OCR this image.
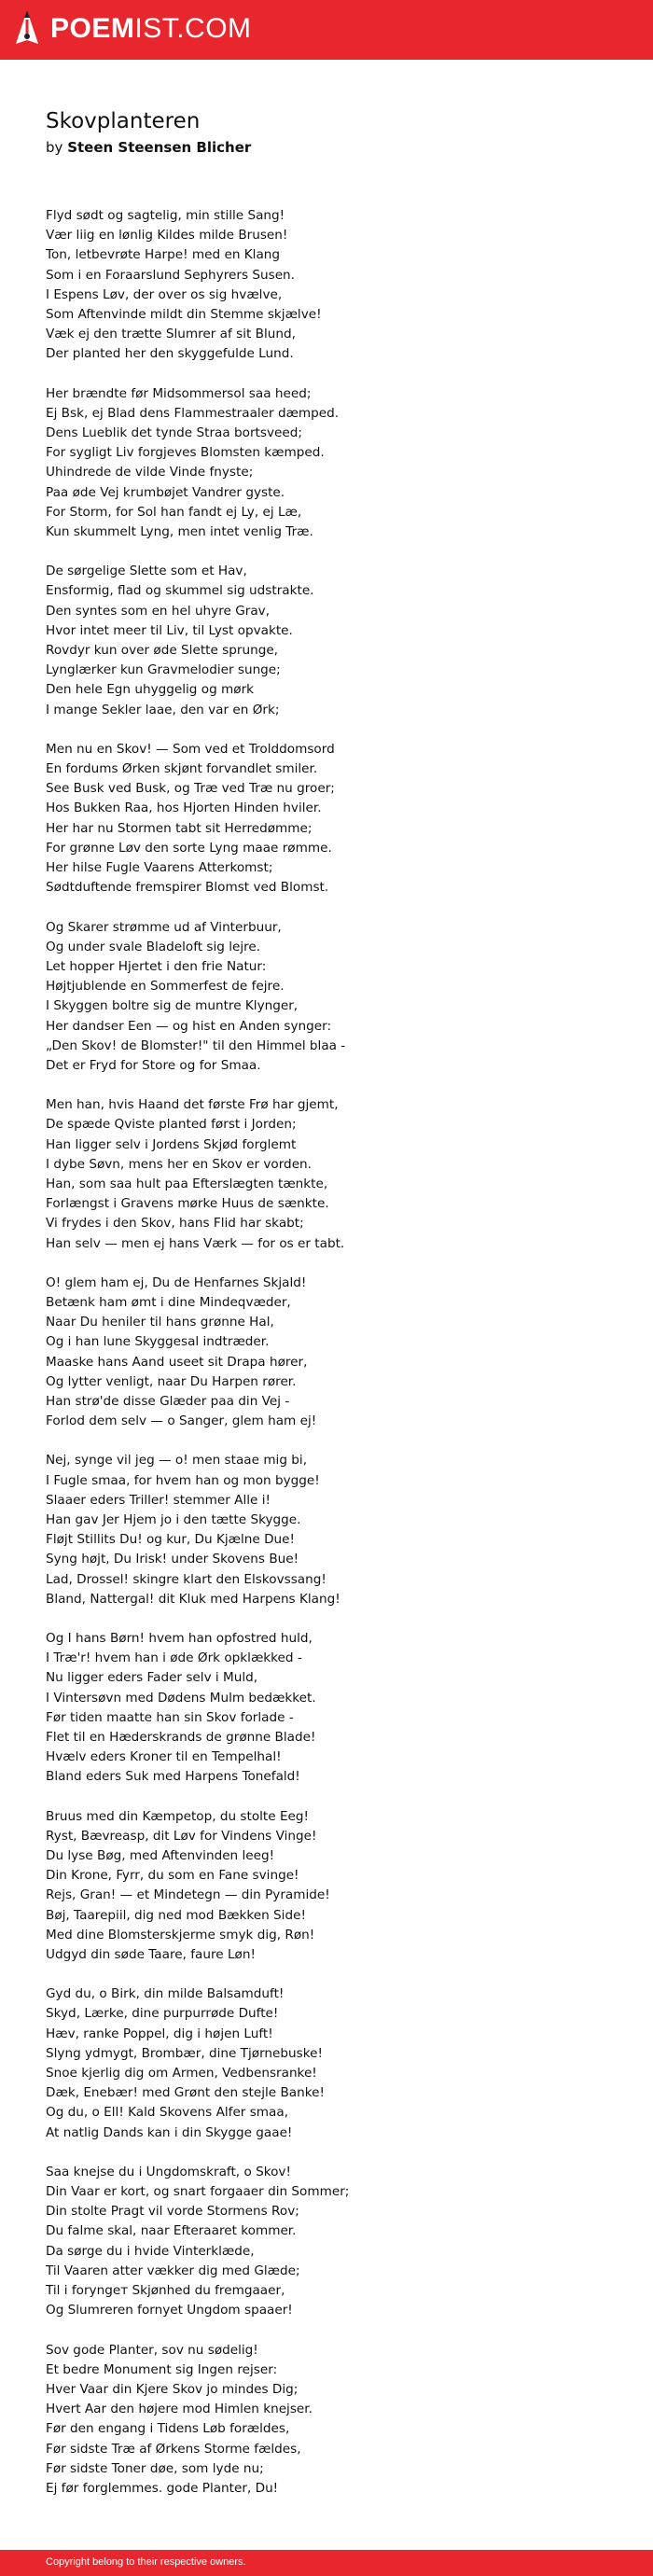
POEMIST.COM
Skovplanteren
by Steen Steensen Blicher
Flyd sødt og sagtelig, min stille Sang!
Vær liig en lønlig Kildes milde Brusen!
Ton, letbevrøte Harpe! med en Klang
Som i en Foraarslund Sephyrers Susen.
I Espens Løv, der over os sig hvælve,
Som Aftenvinde mildt din Stemme skjælve!
Væk ej den trætte Slumrer af sit Blund,
Der planted her den skyggefulde Lund.
Her brændte før Midsommersol saa heed;
Ej Bsk, ej Blad dens Flammestraaler dæmped.
Dens Lueblik det tynde Straa bortsveed;
For sygligt Liv forgjeves Blomsten kæmped.
Uhindrede de vilde Vinde fnyste;
Paa øde Vej krumbøjet Vandrer gyste.
For Storm, for Sol han fandt ej Ly, ej Læ,
Kun skummelt Lyng, men intet venlig Træ.
De sørgelige Slette som et Hav,
Ensformig, flad og skummel sig udstrakte.
Den syntes som en hel uhyre Grav,
Hvor intet meer til Liv, til Lyst opvakte.
Rovdyr kun over øde Slette sprunge,
Lynglærker kun Gravmelodier sunge;
Den hele Egn uhyggelig og mørk
I mange Sekler laae, den var en Ørk;
Men nu en Skov! — Som ved et Trolddomsord
En fordums Ørken skjønt forvandlet smiler.
See Busk ved Busk, og Træ ved Træ nu groer;
Hos Bukken Raa, hos Hjorten Hinden hviler.
Her har nu Stormen tabt sit Herredømme;
For grønne Løv den sorte Lyng maae rømme.
Her hilse Fugle Vaarens Atterkomst;
Sødtduftende fremspirer Blomst ved Blomst.
Og Skarer strømme ud af Vinterbuur,
Og under svale Bladeloft sig lejre.
Let hopper Hjertet i den frie Natur:
Højtjublende en Sommerfest de fejre.
I Skyggen boltre sig de muntre Klynger,
Her dandser Een — og hist en Anden synger:
„Den Skov! de Blomster!" til den Himmel blaa -
Det er Fryd for Store og for Smaa.
Men han, hvis Haand det første Frø har gjemt,
De spæde Qviste planted først i Jorden;
Han ligger selv i Jordens Skjød forglemt
I dybe Søvn, mens her en Skov er vorden.
Han, som saa hult paa Efterslægten tænkte,
Forlængst i Gravens mørke Huus de sænkte.
Vi frydes i den Skov, hans Flid har skabt;
Han selv — men ej hans Værk — for os er tabt.
O! glem ham ej, Du de Henfarnes Skjald!
Betænk ham ømt i dine Mindeqvæder,
Naar Du heniler til hans grønne Hal,
Og i han lune Skyggesal indtræder.
Maaske hans Aand useet sit Drapa hører,
Og lytter venligt, naar Du Harpen rører.
Han strø'de disse Glæder paa din Vej -
Forlod dem selv — o Sanger, glem ham ej!
Nej, synge vil jeg — o! men staae mig bi,
I Fugle smaa, for hvem han og mon bygge!
Slaaer eders Triller! stemmer Alle i!
Han gav Jer Hjem jo i den tætte Skygge.
Fløjt Stillits Du! og kur, Du Kjælne Due!
Syng højt, Du Irisk! under Skovens Bue!
Lad, Drossel! skingre klart den Elskovssang!
Bland, Nattergal! dit Kluk med Harpens Klang!
Og I hans Børn! hvem han opfostred huld,
I Træ'r! hvem han i øde Ørk opklækked -
Nu ligger eders Fader selv i Muld,
I Vintersøvn med Dødens Mulm bedækket.
Før tiden maatte han sin Skov forlade -
Flet til en Hæderskrands de grønne Blade!
Hvælv eders Kroner til en Tempelhal!
Bland eders Suk med Harpens Tonefald!
Bruus med din Kæmpetop, du stolte Eeg!
Ryst, Bævreasp, dit Løv for Vindens Vinge!
Du lyse Bøg, med Aftenvinden leeg!
Din Krone, Fyrr, du som en Fane svinge!
Rejs, Gran! — et Mindetegn — din Pyramide!
Bøj, Taarepiil, dig ned mod Bækken Side!
Med dine Blomsterskjerme smyk dig, Røn!
Udgyd din søde Taare, faure Løn!
Gyd du, o Birk, din milde Balsamduft!
Skyd, Lærke, dine purpurrøde Dufte!
Hæv, ranke Poppel, dig i højen Luft!
Slyng ydmygt, Brombær, dine Tjørnebuske!
Snoe kjerlig dig om Armen, Vedbensranke!
Dæk, Enebær! med Grønt den stejle Banke!
Og du, o Ell! Kald Skovens Alfer smaa,
At natlig Dands kan i din Skygge gaae!
Saa knejse du i Ungdomskraft, o Skov!
Din Vaar er kort, og snart forgaaer din Sommer;
Din stolte Pragt vil vorde Stormens Rov;
Du falme skal, naar Efteraaret kommer.
Da sørge du i hvide Vinterklæde,
Til Vaaren atter vækker dig med Glæde;
Til i foryngет Skjønhed du fremgaaer,
Og Slumreren fornyet Ungdom spaaer!
Sov gode Planter, sov nu sødelig!
Et bedre Monument sig Ingen rejser:
Hver Vaar din Kjere Skov jo mindes Dig;
Hvert Aar den højere mod Himlen knejser.
Før den engang i Tidens Løb forældes,
Før sidste Træ af Ørkens Storme fældes,
Før sidste Toner døe, som lyde nu;
Ej før forglemmes. gode Planter, Du!
Copyright belong to their respective owners.
